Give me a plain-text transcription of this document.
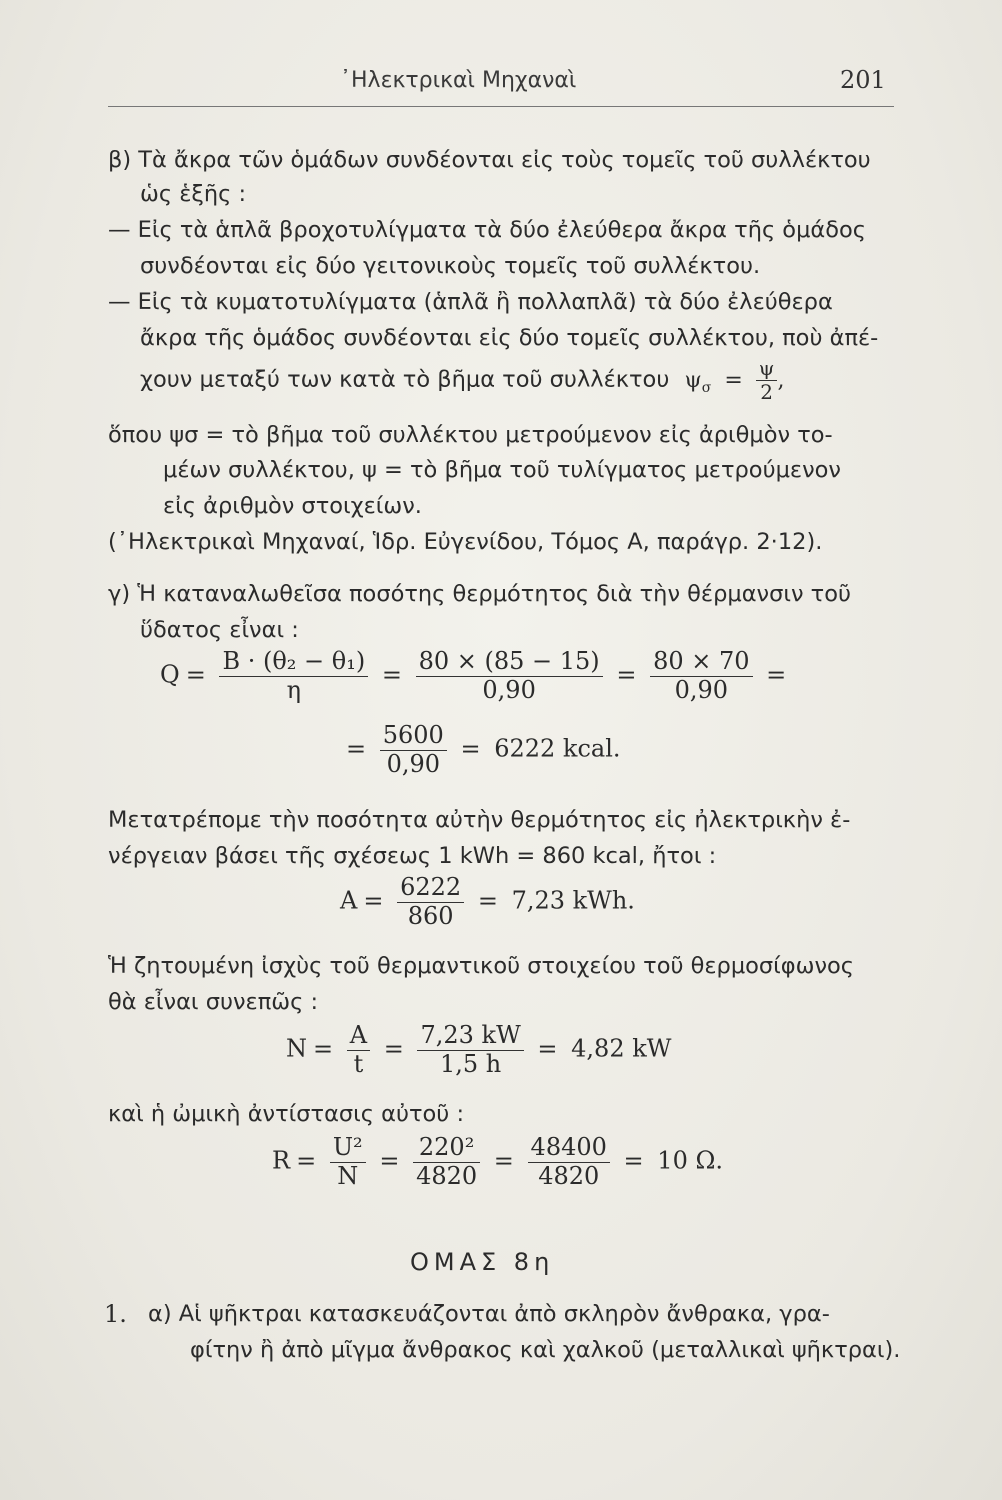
᾿Ηλεκτρικαὶ Μηχαναὶ	201
β) Τὰ ἄκρα τῶν ὁμάδων συνδέονται εἰς τοὺς τομεῖς τοῦ συλλέκτου
ὡς ἑξῆς :
— Εἰς τὰ ἁπλᾶ βροχοτυλίγματα τὰ δύο ἐλεύθερα ἄκρα τῆς ὁμάδος
συνδέονται εἰς δύο γειτονικοὺς τομεῖς τοῦ συλλέκτου.
— Εἰς τὰ κυματοτυλίγματα (ἁπλᾶ ἢ πολλαπλᾶ) τὰ δύο ἐλεύθερα
ἄκρα τῆς ὁμάδος συνδέονται εἰς δύο τομεῖς συλλέκτου, ποὺ ἀπέ-
χουν μεταξύ των κατὰ τὸ βῆμα τοῦ συλλέκτου $\psi_\sigma = \frac{\psi}{2}$ ,
ὅπου ψσ = τὸ βῆμα τοῦ συλλέκτου μετρούμενον εἰς ἀριθμὸν το-
μέων συλλέκτου, ψ = τὸ βῆμα τοῦ τυλίγματος μετρούμενον
εἰς ἀριθμὸν στοιχείων.
(᾿Ηλεκτρικαὶ Μηχαναί, Ἱδρ. Εὐγενίδου, Τόμος Α, παράγρ. 2·12).
γ) Ἡ καταναλωθεῖσα ποσότης θερμότητος διὰ τὴν θέρμανσιν τοῦ
ὕδατος εἶναι :
$Q = \frac{\text{B · (θ₂ − θ₁)}}{\eta} = \frac{80 \times (85 - 15)}{0,90} = \frac{80 \times 70}{0,90}$ =
= $\frac{5600}{0,90} = 6222$ kcal.
Μετατρέπομε τὴν ποσότητα αὐτὴν θερμότητος εἰς ἠλεκτρικὴν ἐ-
νέργειαν βάσει τῆς σχέσεως 1 kWh = 860 kcal, ἤτοι :
$A = \frac{6222}{860} = 7,23$ kWh.
Ἡ ζητουμένη ἰσχὺς τοῦ θερμαντικοῦ στοιχείου τοῦ θερμοσίφωνος
θὰ εἶναι συνεπῶς :
$N = \frac{A}{t} = \frac{7,23 kW}{1,5 h} = 4,82$ kW
καὶ ἡ ὠμικὴ ἀντίστασις αὐτοῦ :
$R = \frac{\text{U²}}{N} = \frac{\text{220²}}{4820} = \frac{48400}{4820} = 10$ Ω.
ΟΜΑΣ 8η
1. α) Αἱ ψῆκτραι κατασκευάζονται ἀπὸ σκληρὸν ἄνθρακα, γρα-
φίτην ἢ ἀπὸ μῖγμα ἄνθρακος καὶ χαλκοῦ (μεταλλικαὶ ψῆκτραι).
